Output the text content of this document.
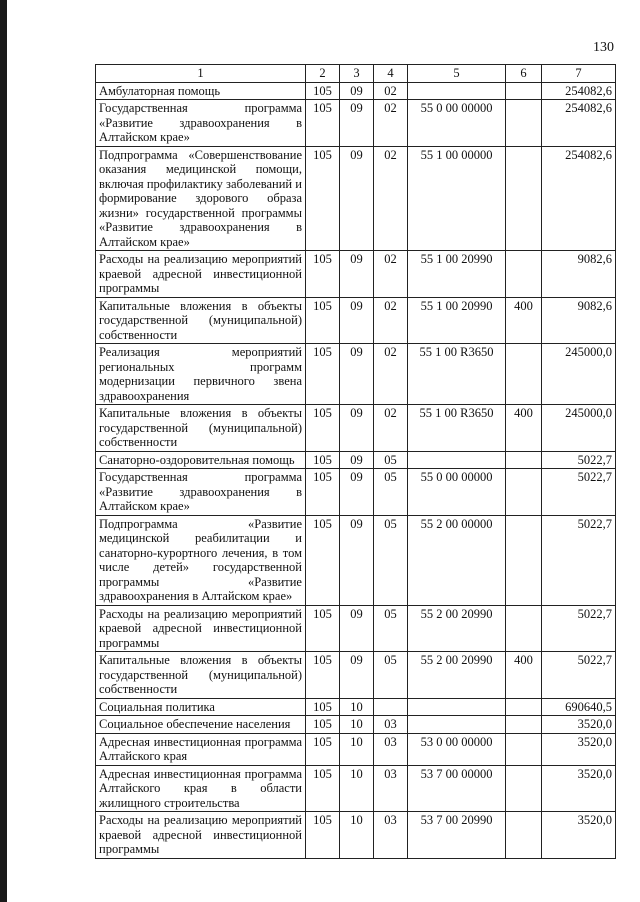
130
1	2	3	4	5	6	7
Амбулаторная помощь	105	09	02			254082,6
Государственная программа «Развитие здравоохранения в Алтайском крае»	105	09	02	55 0 00 00000		254082,6
Подпрограмма «Совершенствование оказания медицинской помощи, включая профилактику заболеваний и формирование здорового образа жизни» государственной программы «Развитие здравоохранения в Алтайском крае»	105	09	02	55 1 00 00000		254082,6
Расходы на реализацию мероприятий краевой адресной инвестиционной программы	105	09	02	55 1 00 20990		9082,6
Капитальные вложения в объекты государственной (муниципальной) собственности	105	09	02	55 1 00 20990	400	9082,6
Реализация мероприятий региональных программ модернизации первичного звена здравоохранения	105	09	02	55 1 00 R3650		245000,0
Капитальные вложения в объекты государственной (муниципальной) собственности	105	09	02	55 1 00 R3650	400	245000,0
Санаторно-оздоровительная помощь	105	09	05			5022,7
Государственная программа «Развитие здравоохранения в Алтайском крае»	105	09	05	55 0 00 00000		5022,7
Подпрограмма «Развитие медицинской реабилитации и санаторно-курортного лечения, в том числе детей» государственной программы «Развитие здравоохранения в Алтайском крае»	105	09	05	55 2 00 00000		5022,7
Расходы на реализацию мероприятий краевой адресной инвестиционной программы	105	09	05	55 2 00 20990		5022,7
Капитальные вложения в объекты государственной (муниципальной) собственности	105	09	05	55 2 00 20990	400	5022,7
Социальная политика	105	10				690640,5
Социальное обеспечение населения	105	10	03			3520,0
Адресная инвестиционная программа Алтайского края	105	10	03	53 0 00 00000		3520,0
Адресная инвестиционная программа Алтайского края в области жилищного строительства	105	10	03	53 7 00 00000		3520,0
Расходы на реализацию мероприятий краевой адресной инвестиционной программы	105	10	03	53 7 00 20990		3520,0
